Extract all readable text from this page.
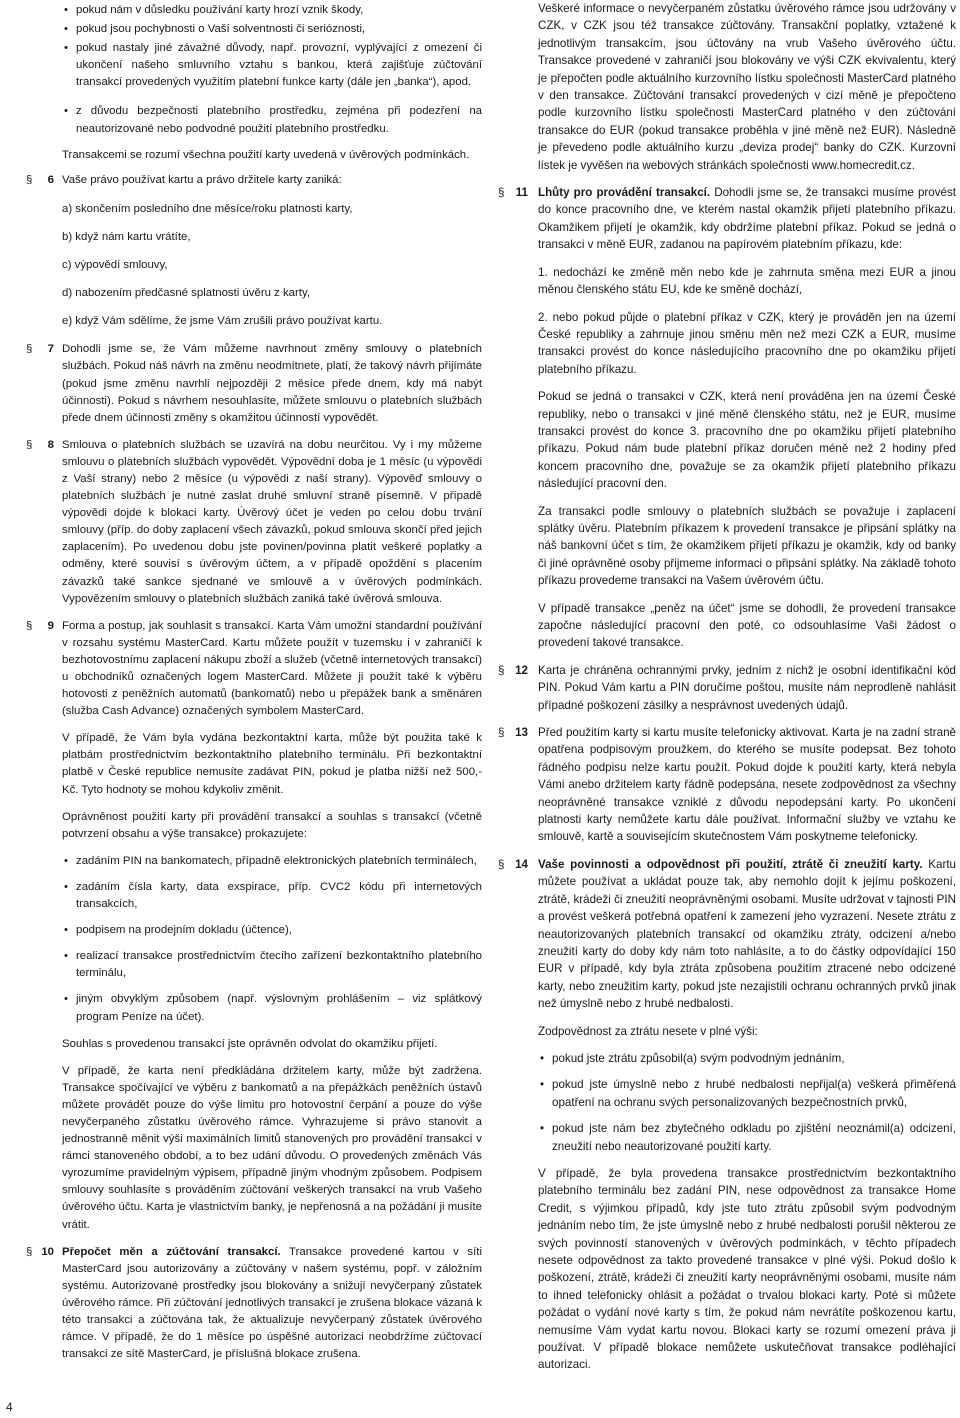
• pokud nám v důsledku používání karty hrozí vznik škody,
• pokud jsou pochybnosti o Vaší solventnosti či serióznosti,
• pokud nastaly jiné závažné důvody, např. provozní, vyplývající z omezení či ukončení našeho smluvního vztahu s bankou, která zajišťuje zúčtování transakcí provedených využitím platební funkce karty (dále jen „banka“), apod.
• z důvodu bezpečnosti platebního prostředku, zejména při podezření na neautorizované nebo podvodné použití platebního prostředku.

Transakcemi se rozumí všechna použití karty uvedená v úvěrových podmínkách.

§ 6 Vaše právo používat kartu a právo držitele karty zaniká:

a) skončením posledního dne měsíce/roku platnosti karty,
b) když nám kartu vrátíte,
c) výpovědí smlouvy,
d) nabozením předčasné splatnosti úvěru z karty,
e) když Vám sdělíme, že jsme Vám zrušili právo používat kartu.
§ 7 Dohodli jsme se, že Vám můžeme navrhnout změny smlouvy o platebních službách. Pokud náš návrh na změnu neodmítnete, platí, že takový návrh přijímáte (pokud jsme změnu navrhli nejpozději 2 měsíce přede dnem, kdy má nabýt účinnosti). Pokud s návrhem nesouhlasíte, můžete smlouvu o platebních službách přede dnem účinnosti změny s okamžitou účinností vypovědět.

§ 8 Smlouva o platebních službách se uzavírá na dobu neurčitou. Vy i my můžeme smlouvu o platebních službách vypovědět. Výpovědní doba je 1 měsíc (u výpovědi z Vaší strany) nebo 2 měsíce (u výpovědi z naší strany). Výpověď smlouvy o platebních službách je nutné zaslat druhé smluvní straně písemně. V případě výpovědi dojde k blokaci karty. Úvěrový účet je veden po celou dobu trvání smlouvy (příp. do doby zaplacení všech závazků, pokud smlouva skončí před jejich zaplacením). Po uvedenou dobu jste povinen/povinna platit veškeré poplatky a odměny, které souvisí s úvěrovým účtem, a v případě opoždění s placením závazků také sankce sjednané ve smlouvě a v úvěrových podmínkách. Vypovězením smlouvy o platebních službách zaniká také úvěrová smlouva.

§ 9 Forma a postup, jak souhlasit s transakcí. Karta Vám umožní standardní používání v rozsahu systému MasterCard. Kartu můžete použít v tuzemsku i v zahraničí k bezhotovostnímu zaplacení nákupu zboží a služeb (včetně internetových transakcí) u obchodníků označených logem MasterCard. Můžete ji použít také k výběru hotovosti z peněžních automatů (bankomatů) nebo u přepážek bank a směnáren (služba Cash Advance) označených symbolem MasterCard.

V případě, že Vám byla vydána bezkontaktní karta, může být použita také k platbám prostřednictvím bezkontaktního platebního terminálu. Při bezkontaktní platbě v České republice nemusíte zadávat PIN, pokud je platba nižší než 500,- Kč. Tyto hodnoty se mohou kdykoliv změnit.

Oprávněnost použití karty při provádění transakcí a souhlas s transakcí (včetně potvrzení obsahu a výše transakce) prokazujete:

• zadáním PIN na bankomatech, případně elektronických platebních terminálech,
• zadáním čísla karty, data exspirace, příp. CVC2 kódu při internetových transakcích,
• podpisem na prodejním dokladu (účtence),
• realizací transakce prostřednictvím čtecího zařízení bezkontaktního platebního terminálu,
• jiným obvyklým způsobem (např. výslovným prohlášením – viz splátkový program Peníze na účet).

Souhlas s provedenou transakcí jste oprávněn odvolat do okamžiku přijetí.

V případě, že karta není předkládána držitelem karty, může být zadržena. Transakce spočívající ve výběru z bankomatů a na přepážkách peněžních ústavů můžete provádět pouze do výše limitu pro hotovostní čerpání a pouze do výše nevyčerpaného zůstatku úvěrového rámce. Vyhrazujeme si právo stanovit a jednostranně měnit výši maximálních limitů stanovených pro provádění transakcí v rámci stanoveného období, a to bez udání důvodu. O provedených změnách Vás vyrozumíme pravidelným výpisem, případně jiným vhodným způsobem. Podpisem smlouvy souhlasíte s prováděním zúčtování veškerých transakcí na vrub Vašeho úvěrového účtu. Karta je vlastnictvím banky, je nepřenosná a na požádání ji musíte vrátit.

§ 10 Přepočet měn a zúčtování transakcí. Transakce provedené kartou v síti MasterCard jsou autorizovány a zúčtovány v našem systému, popř. v záložním systému. Autorizované prostředky jsou blokovány a snižují nevyčerpaný zůstatek úvěrového rámce. Při zúčtování jednotlivých transakcí je zrušena blokace vázaná k této transakci a zúčtována tak, že aktualizuje nevyčerpaný zůstatek úvěrového rámce. V případě, že do 1 měsíce po úspěšné autorizaci neobdržíme zúčtovací transakci ze sítě MasterCard, je příslušná blokace zrušena.

Veškeré informace o nevyčerpaném zůstatku úvěrového rámce jsou udržovány v CZK, v CZK jsou též transakce zúčtovány. Transakční poplatky, vztažené k jednotlivým transakcím, jsou účtovány na vrub Vašeho úvěrového účtu. Transakce provedené v zahraničí jsou blokovány ve výši CZK ekvivalentu, který je přepočten podle aktuálního kurzovního lístku společnosti MasterCard platného v den transakce. Zúčtování transakcí provedených v cizí měně je přepočteno podle kurzovního lístku společnosti MasterCard platného v den zúčtování transakce do EUR (pokud transakce proběhla v jiné měně než EUR). Následně je převedeno podle aktuálního kurzu „deviza prodej“ banky do CZK. Kurzovní lístek je vyvěšen na webových stránkách společnosti www.homecredit.cz.

§ 11 Lhůty pro provádění transakcí. Dohodli jsme se, že transakci musíme provést do konce pracovního dne, ve kterém nastal okamžik přijetí platebního příkazu. Okamžikem přijetí je okamžik, kdy obdržíme platební příkaz. Pokud se jedná o transakci v měně EUR, zadanou na papírovém platebním příkazu, kde:

1. nedochází ke změně měn nebo kde je zahrnuta směna mezi EUR a jinou měnou členského státu EU, kde ke směně dochází,

2. nebo pokud půjde o platební příkaz v CZK, který je prováděn jen na území České republiky a zahrnuje jinou směnu měn než mezi CZK a EUR, musíme transakci provést do konce následujícího pracovního dne po okamžiku přijetí platebního příkazu.

Pokud se jedná o transakci v CZK, která není prováděna jen na území České republiky, nebo o transakci v jiné měně členského státu, než je EUR, musíme transakci provést do konce 3. pracovního dne po okamžiku přijetí platebního příkazu. Pokud nám bude platební příkaz doručen méně než 2 hodiny před koncem pracovního dne, považuje se za okamžik přijetí platebního příkazu následující pracovní den.

Za transakci podle smlouvy o platebních službách se považuje i zaplacení splátky úvěru. Platebním příkazem k provedení transakce je připsání splátky na náš bankovní účet s tím, že okamžikem přijetí příkazu je okamžik, kdy od banky či jiné oprávněné osoby přijmeme informaci o připsání splátky. Na základě tohoto příkazu provedeme transakci na Vašem úvěrovém účtu.

V případě transakce „peněz na účet“ jsme se dohodli, že provedení transakce započne následující pracovní den poté, co odsouhlasíme Vaši žádost o provedení takové transakce.

§ 12 Karta je chráněna ochrannými prvky, jedním z nichž je osobní identifikační kód PIN. Pokud Vám kartu a PIN doručíme poštou, musíte nám neprodleně nahlásit případné poškození zásilky a nesprávnost uvedených údajů.

§ 13 Před použitím karty si kartu musíte telefonicky aktivovat. Karta je na zadní straně opatřena podpisovým proužkem, do kterého se musíte podepsat. Bez tohoto řádného podpisu nelze kartu použít. Pokud dojde k použití karty, která nebyla Vámi anebo držitelem karty řádně podepsána, nesete zodpovědnost za všechny neoprávněné transakce vzniklé z důvodu nepodepsání karty. Po ukončení platnosti karty nemůžete kartu dále používat. Informační služby ve vztahu ke smlouvě, kartě a souvisejícím skutečnostem Vám poskytneme telefonicky.

§ 14 Vaše povinnosti a odpovědnost při použití, ztrátě či zneužití karty. Kartu můžete používat a ukládat pouze tak, aby nemohlo dojít k jejímu poškození, ztrátě, krádeži či zneužití neoprávněnými osobami. Musíte udržovat v tajnosti PIN a provést veškerá potřebná opatření k zamezení jeho vyzrazení. Nesete ztrátu z neautorizovaných platebních transakcí od okamžiku ztráty, odcizení a/nebo zneužití karty do doby kdy nám toto nahlásíte, a to do částky odpovídající 150 EUR v případě, kdy byla ztráta způsobena použitím ztracené nebo odcizené karty, nebo zneužitím karty, pokud jste nezajistili ochranu ochranných prvků jinak než úmyslně nebo z hrubé nedbalosti.

Zodpovědnost za ztrátu nesete v plné výši:

• pokud jste ztrátu způsobil(a) svým podvodným jednáním,
• pokud jste úmyslně nebo z hrubé nedbalosti nepřijal(a) veškerá přiměřená opatření na ochranu svých personalizovaných bezpečnostních prvků,
• pokud jste nám bez zbytečného odkladu po zjištění neoznámil(a) odcizení, zneužití nebo neautorizované použití karty.

V případě, že byla provedena transakce prostřednictvím bezkontaktního platebního terminálu bez zadání PIN, nese odpovědnost za transakce Home Credit, s výjimkou případů, kdy jste tuto ztrátu způsobil svým podvodným jednáním nebo tím, že jste úmyslně nebo z hrubé nedbalosti porušil některou ze svých povinností stanovených v úvěrových podmínkách, v těchto případech nesete odpovědnost za takto provedené transakce v plné výši. Pokud došlo k poškození, ztrátě, krádeži či zneužití karty neoprávněnými osobami, musíte nám to ihned telefonicky ohlásit a požádat o trvalou blokaci karty. Poté si můžete požádat o vydání nové karty s tím, že pokud nám nevrátíte poškozenou kartu, nemusíme Vám vydat kartu novou. Blokaci karty se rozumí omezení práva ji používat. V případě blokace nemůžete uskutečňovat transakce podléhající autorizaci.

4
